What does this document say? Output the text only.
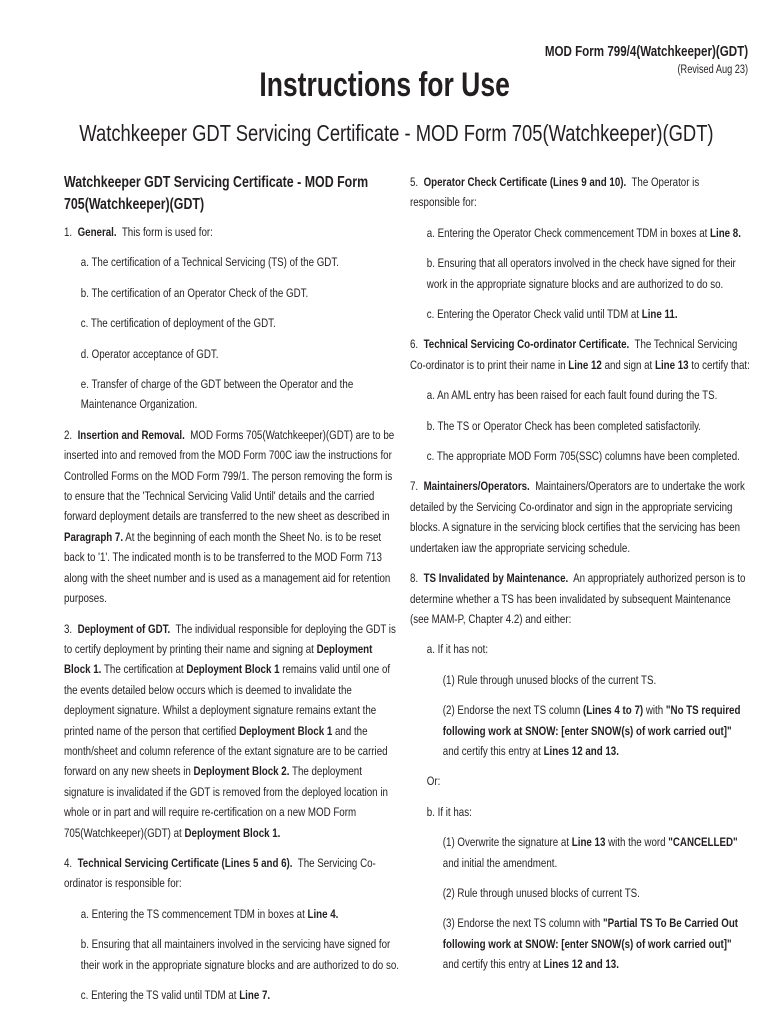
MOD Form 799/4(Watchkeeper)(GDT)
(Revised Aug 23)
Instructions for Use
Watchkeeper GDT Servicing Certificate - MOD Form 705(Watchkeeper)(GDT)
Watchkeeper GDT Servicing Certificate - MOD Form 705(Watchkeeper)(GDT)

1. General. This form is used for:

a. The certification of a Technical Servicing (TS) of the GDT.

b. The certification of an Operator Check of the GDT.

c. The certification of deployment of the GDT.

d. Operator acceptance of GDT.

e. Transfer of charge of the GDT between the Operator and the Maintenance Organization.

2. Insertion and Removal. MOD Forms 705(Watchkeeper)(GDT) are to be inserted into and removed from the MOD Form 700C iaw the instructions for Controlled Forms on the MOD Form 799/1. The person removing the form is to ensure that the 'Technical Servicing Valid Until' details and the carried forward deployment details are transferred to the new sheet as described in Paragraph 7. At the beginning of each month the Sheet No. is to be reset back to '1'. The indicated month is to be transferred to the MOD Form 713 along with the sheet number and is used as a management aid for retention purposes.

3. Deployment of GDT. The individual responsible for deploying the GDT is to certify deployment by printing their name and signing at Deployment Block 1. The certification at Deployment Block 1 remains valid until one of the events detailed below occurs which is deemed to invalidate the deployment signature. Whilst a deployment signature remains extant the printed name of the person that certified Deployment Block 1 and the month/sheet and column reference of the extant signature are to be carried forward on any new sheets in Deployment Block 2. The deployment signature is invalidated if the GDT is removed from the deployed location in whole or in part and will require re-certification on a new MOD Form 705(Watchkeeper)(GDT) at Deployment Block 1.

4. Technical Servicing Certificate (Lines 5 and 6). The Servicing Co-ordinator is responsible for:

a. Entering the TS commencement TDM in boxes at Line 4.

b. Ensuring that all maintainers involved in the servicing have signed for their work in the appropriate signature blocks and are authorized to do so.

c. Entering the TS valid until TDM at Line 7.

5. Operator Check Certificate (Lines 9 and 10). The Operator is responsible for:

a. Entering the Operator Check commencement TDM in boxes at Line 8.

b. Ensuring that all operators involved in the check have signed for their work in the appropriate signature blocks and are authorized to do so.

c. Entering the Operator Check valid until TDM at Line 11.

6. Technical Servicing Co-ordinator Certificate. The Technical Servicing Co-ordinator is to print their name in Line 12 and sign at Line 13 to certify that:

a. An AML entry has been raised for each fault found during the TS.

b. The TS or Operator Check has been completed satisfactorily.

c. The appropriate MOD Form 705(SSC) columns have been completed.

7. Maintainers/Operators. Maintainers/Operators are to undertake the work detailed by the Servicing Co-ordinator and sign in the appropriate servicing blocks. A signature in the servicing block certifies that the servicing has been undertaken iaw the appropriate servicing schedule.

8. TS Invalidated by Maintenance. An appropriately authorized person is to determine whether a TS has been invalidated by subsequent Maintenance (see MAM-P, Chapter 4.2) and either:

a. If it has not:

(1) Rule through unused blocks of the current TS.

(2) Endorse the next TS column (Lines 4 to 7) with "No TS required following work at SNOW: [enter SNOW(s) of work carried out]" and certify this entry at Lines 12 and 13.

Or:

b. If it has:

(1) Overwrite the signature at Line 13 with the word "CANCELLED" and initial the amendment.

(2) Rule through unused blocks of current TS.

(3) Endorse the next TS column with "Partial TS To Be Carried Out following work at SNOW: [enter SNOW(s) of work carried out]" and certify this entry at Lines 12 and 13.
